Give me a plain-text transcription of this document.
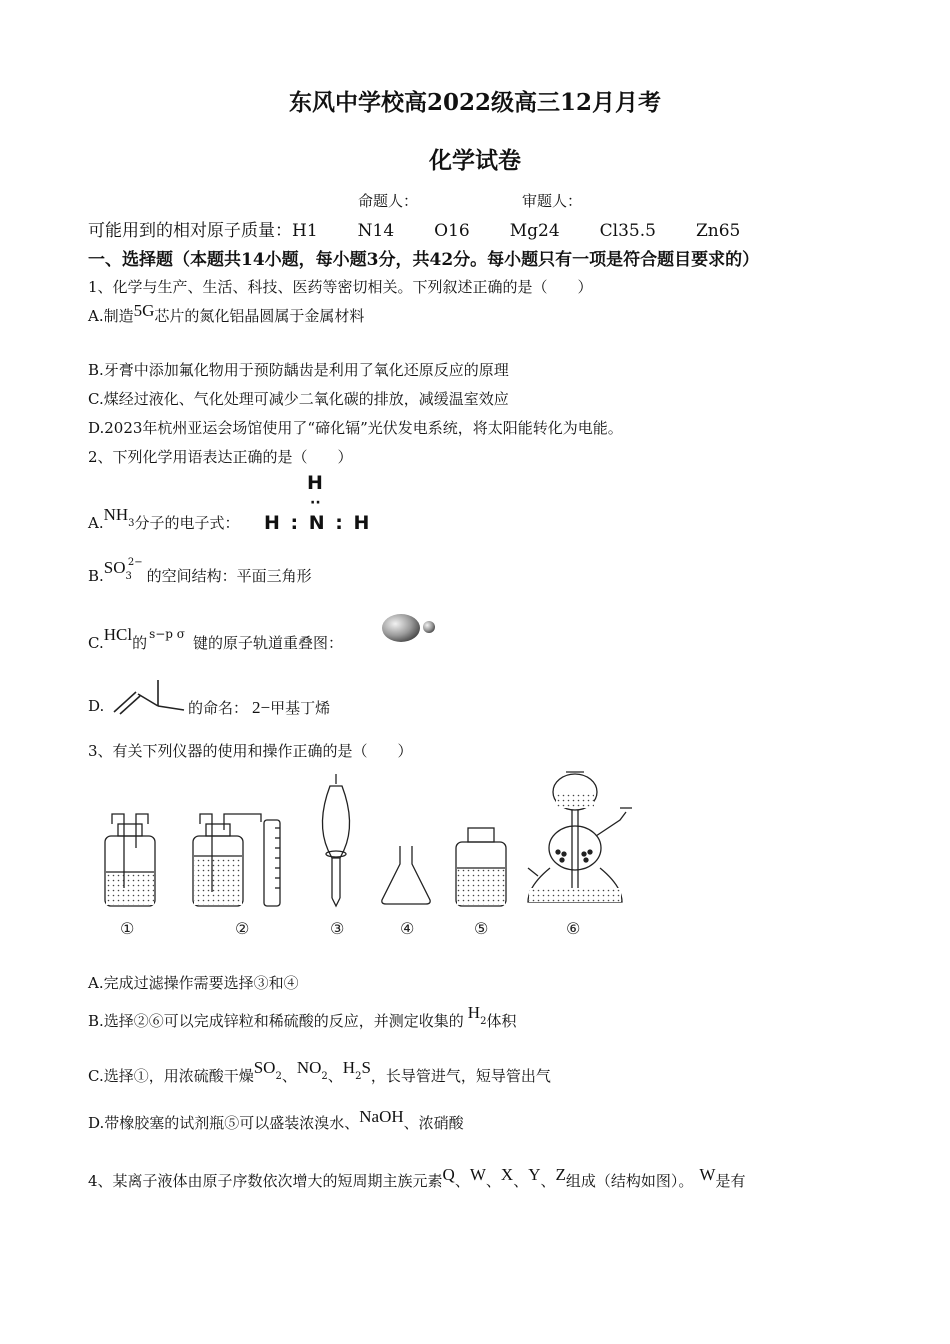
东风中学校高2022级高三12月月考
化学试卷
命题人：	审题人：
可能用到的相对原子质量：H1 N14 O16 Mg24 Cl35.5 Zn65
一、选择题（本题共14小题，每小题3分，共42分。每小题只有一项是符合题目要求的）
1、化学与生产、生活、科技、医药等密切相关。下列叙述正确的是（　　）
A.制造5G芯片的氮化铝晶圆属于金属材料
B.牙膏中添加氟化物用于预防龋齿是利用了氧化还原反应的原理
C.煤经过液化、气化处理可减少二氧化碳的排放，减缓温室效应
D.2023年杭州亚运会场馆使用了“碲化镉”光伏发电系统，将太阳能转化为电能。
2、下列化学用语表达正确的是（　　）
A.NH3分子的电子式：
H
··
H : N : H
$B.SO3^{2-}$的空间结构：平面三角形
C.HCl的 $^{s-p \sigma}$ 键的原子轨道重叠图：
D.	的命名： 2−甲基丁烯
3、有关下列仪器的使用和操作正确的是（　　）
①	②	③	④	⑤	⑥
A.完成过滤操作需要选择③和④
B.选择②⑥可以完成锌粒和稀硫酸的反应，并测定收集的 H2体积
C.选择①，用浓硫酸干燥SO2、NO2、H2S，长导管进气，短导管出气
D.带橡胶塞的试剂瓶⑤可以盛装浓溴水、NaOH、浓硝酸
4、某离子液体由原子序数依次增大的短周期主族元素Q、W、X、Y、Z组成（结构如图）。 W是有
